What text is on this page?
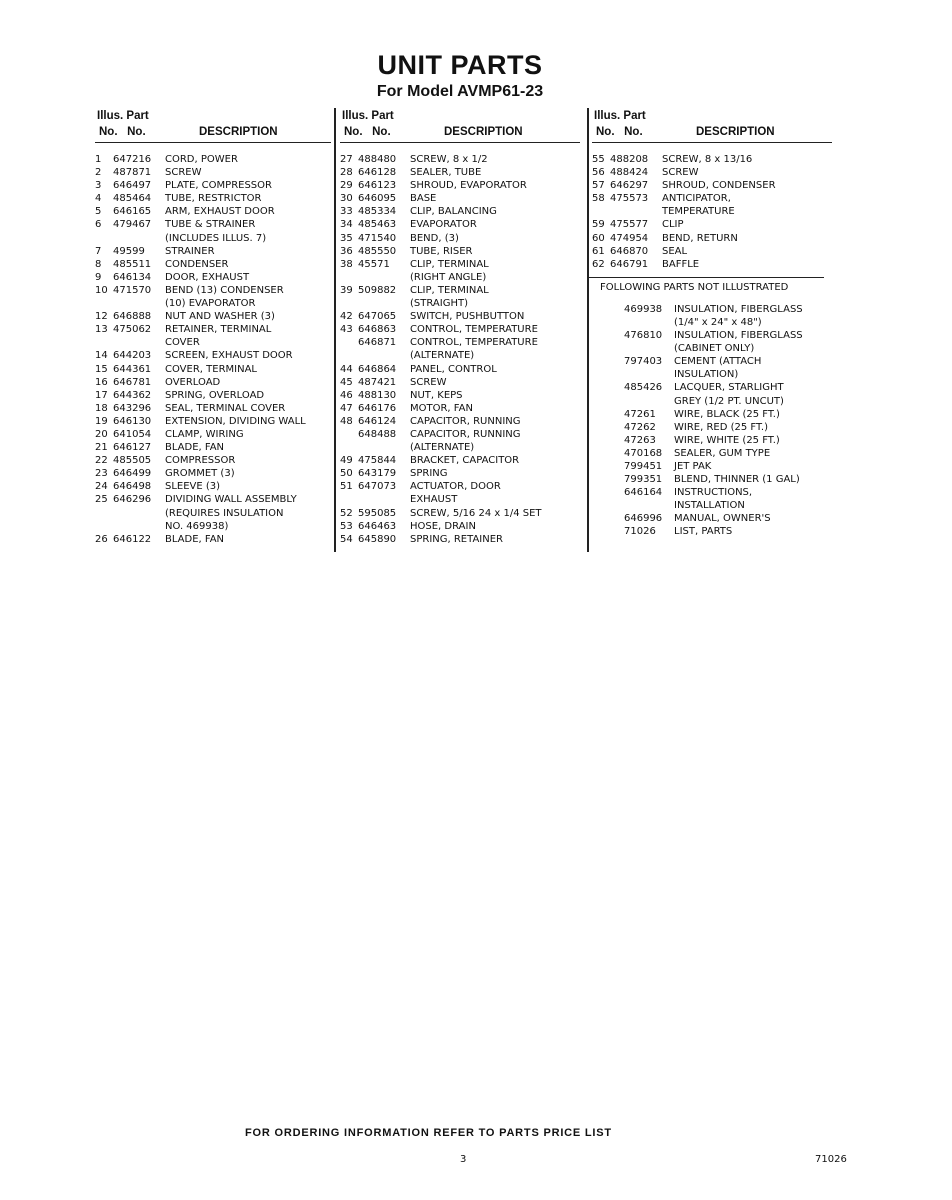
UNIT PARTS
For Model AVMP61-23
Illus. Part
No. No.	DESCRIPTION
1	647216	CORD, POWER
2	487871	SCREW
3	646497	PLATE, COMPRESSOR
4	485464	TUBE, RESTRICTOR
5	646165	ARM, EXHAUST DOOR
6	479467	TUBE & STRAINER
(INCLUDES ILLUS. 7)
7	49599	STRAINER
8	485511	CONDENSER
9	646134	DOOR, EXHAUST
10 471570	BEND (13) CONDENSER
(10) EVAPORATOR
12 646888	NUT AND WASHER (3)
13 475062	RETAINER, TERMINAL
COVER
14 644203	SCREEN, EXHAUST DOOR
15 644361	COVER, TERMINAL
16 646781	OVERLOAD
17 644362	SPRING, OVERLOAD
18 643296	SEAL, TERMINAL COVER
19 646130	EXTENSION, DIVIDING WALL
20 641054	CLAMP, WIRING
21 646127	BLADE, FAN
22 485505	COMPRESSOR
23 646499	GROMMET (3)
24 646498	SLEEVE (3)
25 646296	DIVIDING WALL ASSEMBLY
(REQUIRES INSULATION
NO. 469938)
26 646122	BLADE, FAN
Illus. Part
No. No.	DESCRIPTION
27 488480	SCREW, 8 x 1/2
28 646128	SEALER, TUBE
29 646123	SHROUD, EVAPORATOR
30 646095	BASE
33 485334	CLIP, BALANCING
34 485463	EVAPORATOR
35 471540	BEND, (3)
36 485550	TUBE, RISER
38 45571	CLIP, TERMINAL
(RIGHT ANGLE)
39 509882	CLIP, TERMINAL
(STRAIGHT)
42 647065	SWITCH, PUSHBUTTON
43 646863	CONTROL, TEMPERATURE
646871	CONTROL, TEMPERATURE
(ALTERNATE)
44 646864	PANEL, CONTROL
45 487421	SCREW
46 488130	NUT, KEPS
47 646176	MOTOR, FAN
48 646124	CAPACITOR, RUNNING
648488	CAPACITOR, RUNNING
(ALTERNATE)
49 475844	BRACKET, CAPACITOR
50 643179	SPRING
51 647073	ACTUATOR, DOOR
EXHAUST
52 595085	SCREW, 5/16 24 x 1/4 SET
53 646463	HOSE, DRAIN
54 645890	SPRING, RETAINER
Illus. Part
No. No.	DESCRIPTION
55 488208	SCREW, 8 x 13/16
56 488424	SCREW
57 646297	SHROUD, CONDENSER
58 475573	ANTICIPATOR,
TEMPERATURE
59 475577	CLIP
60 474954	BEND, RETURN
61 646870	SEAL
62 646791	BAFFLE
FOLLOWING PARTS NOT ILLUSTRATED
469938	INSULATION, FIBERGLASS
(1/4" x 24" x 48")
476810	INSULATION, FIBERGLASS
(CABINET ONLY)
797403	CEMENT (ATTACH
INSULATION)
485426	LACQUER, STARLIGHT
GREY (1/2 PT. UNCUT)
47261	WIRE, BLACK (25 FT.)
47262	WIRE, RED (25 FT.)
47263	WIRE, WHITE (25 FT.)
470168	SEALER, GUM TYPE
799451	JET PAK
799351	BLEND, THINNER (1 GAL)
646164	INSTRUCTIONS,
INSTALLATION
646996	MANUAL, OWNER'S
71026	LIST, PARTS
FOR ORDERING INFORMATION REFER TO PARTS PRICE LIST
3	71026
